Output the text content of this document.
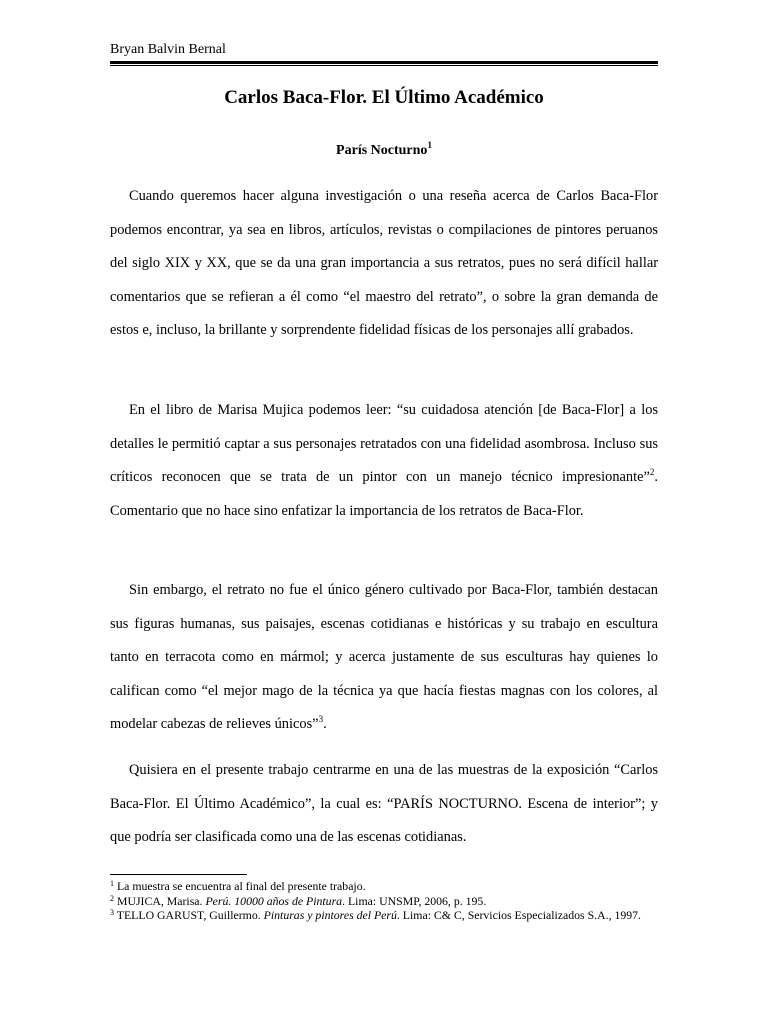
Bryan Balvin Bernal
Carlos Baca-Flor. El Último Académico
París Nocturno$^1$

Cuando queremos hacer alguna investigación o una reseña acerca de Carlos Baca-Flor podemos encontrar, ya sea en libros, artículos, revistas o compilaciones de pintores peruanos del siglo XIX y XX, que se da una gran importancia a sus retratos, pues no será difícil hallar comentarios que se refieran a él como “el maestro del retrato”, o sobre la gran demanda de estos e, incluso, la brillante y sorprendente fidelidad físicas de los personajes allí grabados.

En el libro de Marisa Mujica podemos leer: “su cuidadosa atención [de Baca-Flor] a los detalles le permitió captar a sus personajes retratados con una fidelidad asombrosa. Incluso sus críticos reconocen que se trata de un pintor con un manejo técnico impresionante”$^2$. Comentario que no hace sino enfatizar la importancia de los retratos de Baca-Flor.

Sin embargo, el retrato no fue el único género cultivado por Baca-Flor, también destacan sus figuras humanas, sus paisajes, escenas cotidianas e históricas y su trabajo en escultura tanto en terracota como en mármol; y acerca justamente de sus esculturas hay quienes lo califican como “el mejor mago de la técnica ya que hacía fiestas magnas con los colores, al modelar cabezas de relieves únicos”$^3$.

Quisiera en el presente trabajo centrarme en una de las muestras de la exposición “Carlos Baca-Flor. El Último Académico”, la cual es: “PARÍS NOCTURNO. Escena de interior”; y que podría ser clasificada como una de las escenas cotidianas.

$^1$ La muestra se encuentra al final del presente trabajo.
$^2$ MUJICA, Marisa. Perú. 10000 años de Pintura. Lima: UNSMP, 2006, p. 195.
$^3$ TELLO GARUST, Guillermo. Pinturas y pintores del Perú. Lima: C& C, Servicios Especializados S.A., 1997.
